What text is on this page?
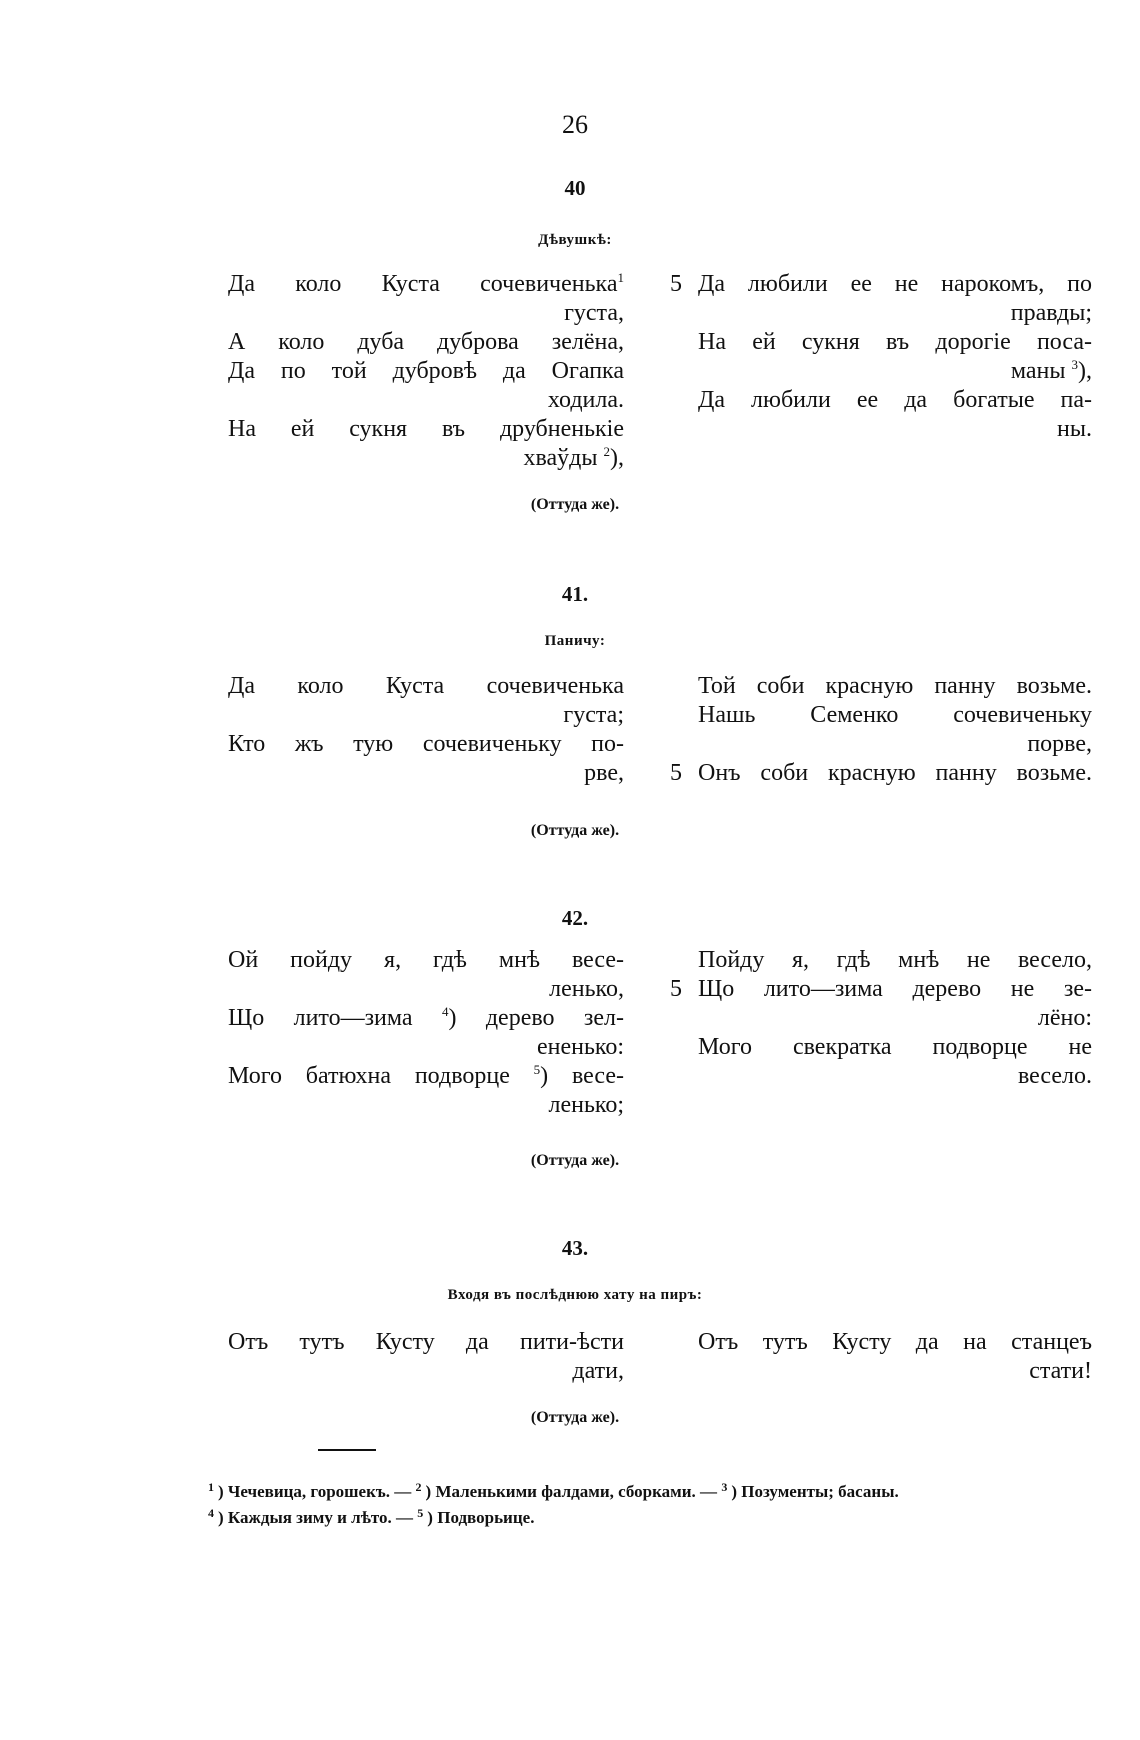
26
40
Дѣвушкѣ:
Да коло Куста сочевиченька$^1$
густа,
А коло дуба дуброва зелёна,
Да по той дубровѣ да Огапка
ходила.
На ей сукня въ друбненькіе
хваўды $^2$),
5 Да любили ее не нарокомъ, по
правды;
На ей сукня въ дорогіе поса-
маны $^3$),
Да любили ее да богатые па-
ны.
(Оттуда же).
41.
Паничу:
Да коло Куста сочевиченька
густа;
Кто жъ тую сочевиченьку по-
рве,
Той соби красную панну возьме.
Нашь Семенко сочевиченьку
порве,
5 Онъ соби красную панну возьме.
(Оттуда же).
42.
Ой пойду я, гдѣ мнѣ весе-
ленько,
Що лито—зима $^4$) дерево зел-
ененько:
Мого батюхна подворце $^5$) весе-
ленько;
Пойду я, гдѣ мнѣ не весело,
5 Що лито—зима дерево не зе-
лёно:
Мого свекратка подворце не
весело.
(Оттуда же).
43.
Входя въ послѣднюю хату на пиръ:
Отъ тутъ Кусту да пити-ѣсти
дати,
Отъ тутъ Кусту да на станцеъ
стати!
(Оттуда же).
$^1$ ) Чечевица, горошекъ. — $^2$ ) Маленькими фалдами, сборками. — $^3$ ) Позументы; басаны.
$^4$ ) Каждыя зиму и лѣто. — $^5$ ) Подворьице.
